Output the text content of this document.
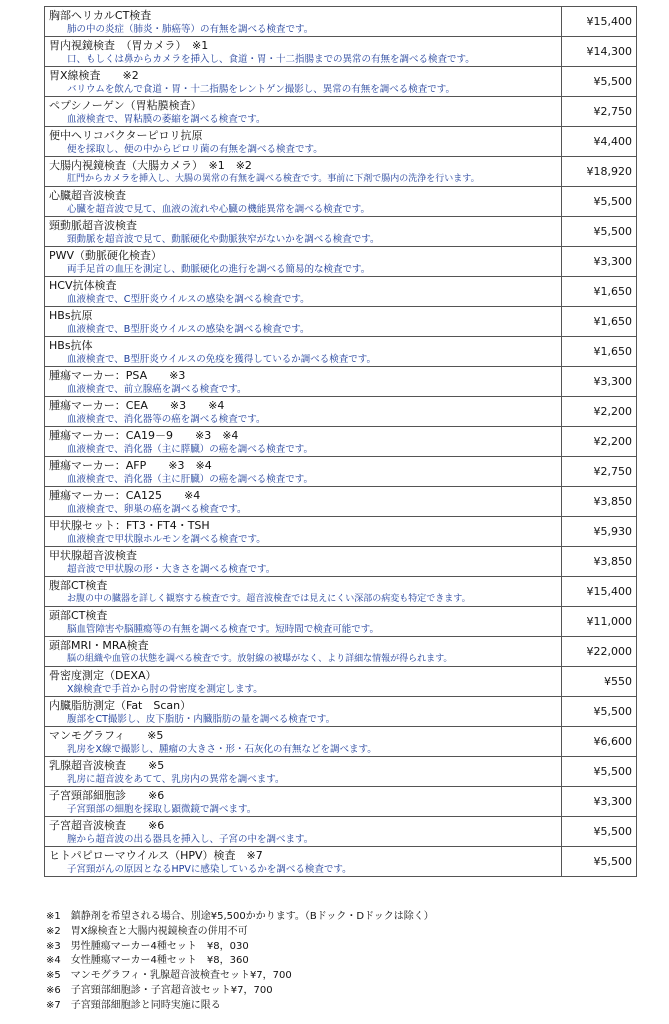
胸部ヘリカルCT検査
肺の中の炎症（肺炎・肺癌等）の有無を調べる検査です。	¥15,400

胃内視鏡検査　（胃カメラ）　※1
口、もしくは鼻からカメラを挿入し、食道・胃・十二指腸までの異常の有無を調べる検査です。	¥14,300

胃X線検査　　※2
バリウムを飲んで食道・胃・十二指腸をレントゲン撮影し、異常の有無を調べる検査です。	¥5,500

ペプシノーゲン（胃粘膜検査）
血液検査で、胃粘膜の萎縮を調べる検査です。	¥2,750

便中ヘリコバクターピロリ抗原
便を採取し、便の中からピロリ菌の有無を調べる検査です。	¥4,400

大腸内視鏡検査（大腸カメラ）　※1　※2
肛門からカメラを挿入し、大腸の異常の有無を調べる検査です。事前に下剤で腸内の洗浄を行います。	¥18,920

心臓超音波検査
心臓を超音波で見て、血液の流れや心臓の機能異常を調べる検査です。	¥5,500

頸動脈超音波検査
頸動脈を超音波で見て、動脈硬化や動脈狭窄がないかを調べる検査です。	¥5,500

PWV（動脈硬化検査）
両手足首の血圧を測定し、動脈硬化の進行を調べる簡易的な検査です。	¥3,300

HCV抗体検査
血液検査で、C型肝炎ウイルスの感染を調べる検査です。	¥1,650

HBs抗原
血液検査で、B型肝炎ウイルスの感染を調べる検査です。	¥1,650

HBs抗体
血液検査で、B型肝炎ウイルスの免疫を獲得しているか調べる検査です。	¥1,650

腫瘍マーカー：PSA　　※3
血液検査で、前立腺癌を調べる検査です。	¥3,300

腫瘍マーカー：CEA　　※3　　※4
血液検査で、消化器等の癌を調べる検査です。	¥2,200

腫瘍マーカー：CA19－9　　※3　※4
血液検査で、消化器（主に膵臓）の癌を調べる検査です。	¥2,200

腫瘍マーカー：AFP　　※3　※4
血液検査で、消化器（主に肝臓）の癌を調べる検査です。	¥2,750

腫瘍マーカー：CA125　　※4
血液検査で、卵巣の癌を調べる検査です。	¥3,850

甲状腺セット：FT3・FT4・TSH
血液検査で甲状腺ホルモンを調べる検査です。	¥5,930

甲状腺超音波検査
超音波で甲状腺の形・大きさを調べる検査です。	¥3,850

腹部CT検査
お腹の中の臓器を詳しく観察する検査です。超音波検査では見えにくい深部の病変も特定できます。	¥15,400

頭部CT検査
脳血管障害や脳腫瘍等の有無を調べる検査です。短時間で検査可能です。	¥11,000

頭部MRI・MRA検査
脳の組織や血管の状態を調べる検査です。放射線の被曝がなく、より詳細な情報が得られます。	¥22,000

骨密度測定（DEXA）
X線検査で手首から肘の骨密度を測定します。	¥550

内臓脂肪測定（Fat　Scan）
腹部をCT撮影し、皮下脂肪・内臓脂肪の量を調べる検査です。	¥5,500

マンモグラフィ　　※5
乳房をX線で撮影し、腫瘤の大きさ・形・石灰化の有無などを調べます。	¥6,600

乳腺超音波検査　　※5
乳房に超音波をあてて、乳房内の異常を調べます。	¥5,500

子宮頸部細胞診　　※6
子宮頸部の細胞を採取し顕微鏡で調べます。	¥3,300

子宮超音波検査　　※6
膣から超音波の出る器具を挿入し、子宮の中を調べます。	¥5,500

ヒトパピローマウイルス（HPV）検査　※7
子宮頸がんの原因となるHPVに感染しているかを調べる検査です。	¥5,500
※1　鎮静剤を希望される場合、別途¥5,500かかります。（Bドック・Dドックは除く）
※2　胃X線検査と大腸内視鏡検査の併用不可
※3　男性腫瘍マーカー4種セット　¥8，030
※4　女性腫瘍マーカー4種セット　¥8，360
※5　マンモグラフィ・乳腺超音波検査セット¥7，700
※6　子宮頸部細胞診・子宮超音波セット¥7，700
※7　子宮頸部細胞診と同時実施に限る
